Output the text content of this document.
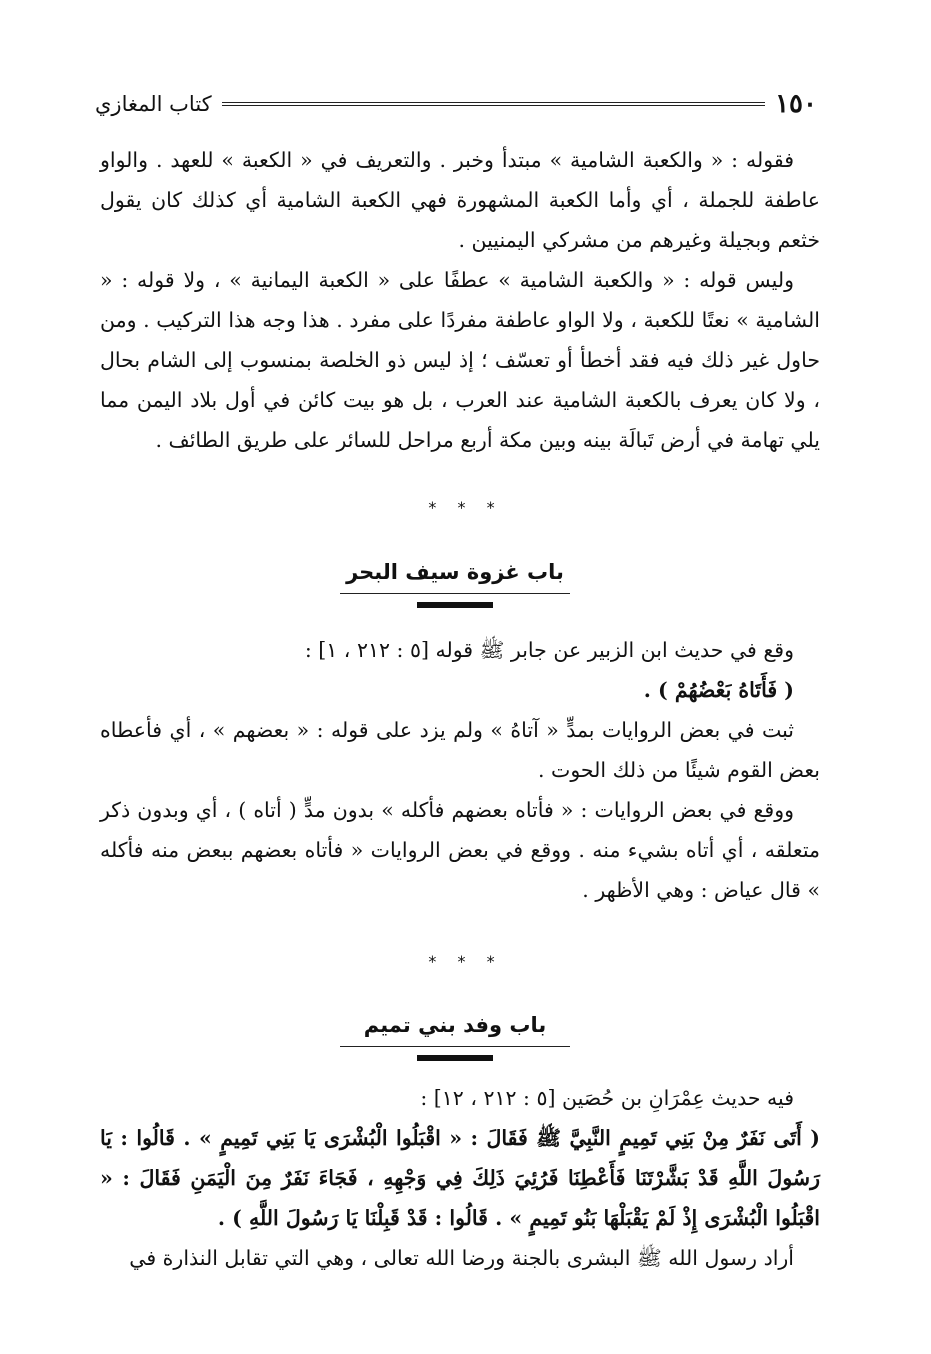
كتاب المغازي	١٥٠

فقوله : « والكعبة الشامية » مبتدأ وخبر . والتعريف في « الكعبة » للعهد . والواو عاطفة للجملة ، أي وأما الكعبة المشهورة فهي الكعبة الشامية أي كذلك كان يقول خثعم وبجيلة وغيرهم من مشركي اليمنيين .

وليس قوله : « والكعبة الشامية » عطفًا على « الكعبة اليمانية » ، ولا قوله : « الشامية » نعتًا للكعبة ، ولا الواو عاطفة مفردًا على مفرد . هذا وجه هذا التركيب . ومن حاول غير ذلك فيه فقد أخطأ أو تعسّف ؛ إذ ليس ذو الخلصة بمنسوب إلى الشام بحال ، ولا كان يعرف بالكعبة الشامية عند العرب ، بل هو بيت كائن في أول بلاد اليمن مما يلي تهامة في أرض تَبالَة بينه وبين مكة أربع مراحل للسائر على طريق الطائف .

* * *
باب غزوة سيف البحر

وقع في حديث ابن الزبير عن جابر ﷺ قوله [٥ : ٢١٢ ، ١] :

( فَأَتَاهُ بَعْضُهُمْ ) .

ثبت في بعض الروايات بمدٍّ « آتاهُ » ولم يزد على قوله : « بعضهم » ، أي فأعطاه بعض القوم شيئًا من ذلك الحوت .

ووقع في بعض الروايات : « فأتاه بعضهم فأكله » بدون مدٍّ ( أتاه ) ، أي وبدون ذكر متعلقه ، أي أتاه بشيء منه . ووقع في بعض الروايات « فأتاه بعضهم ببعض منه فأكله » قال عياض : وهي الأظهر .

* * *
باب وفد بني تميم

فيه حديث عِمْرَانِ بن حُصَين [٥ : ٢١٢ ، ١٢] :

( أَتَى نَفَرٌ مِنْ بَنِي تَمِيمٍ النَّبِيَّ ﷺ فَقَالَ : « اقْبَلُوا الْبُشْرَى يَا بَنِي تَمِيمٍ » . قَالُوا : يَا رَسُولَ اللَّهِ قَدْ بَشَّرْتَنَا فَأَعْطِنَا فَرُئِيَ ذَلِكَ فِي وَجْهِهِ ، فَجَاءَ نَفَرٌ مِنَ الْيَمَنِ فَقَالَ : « اقْبَلُوا الْبُشْرَى إِذْ لَمْ يَقْبَلْهَا بَنُو تَمِيمٍ » . قَالُوا : قَدْ قَبِلْنَا يَا رَسُولَ اللَّهِ ) .

أراد رسول الله ﷺ البشرى بالجنة ورضا الله تعالى ، وهي التي تقابل النذارة في
